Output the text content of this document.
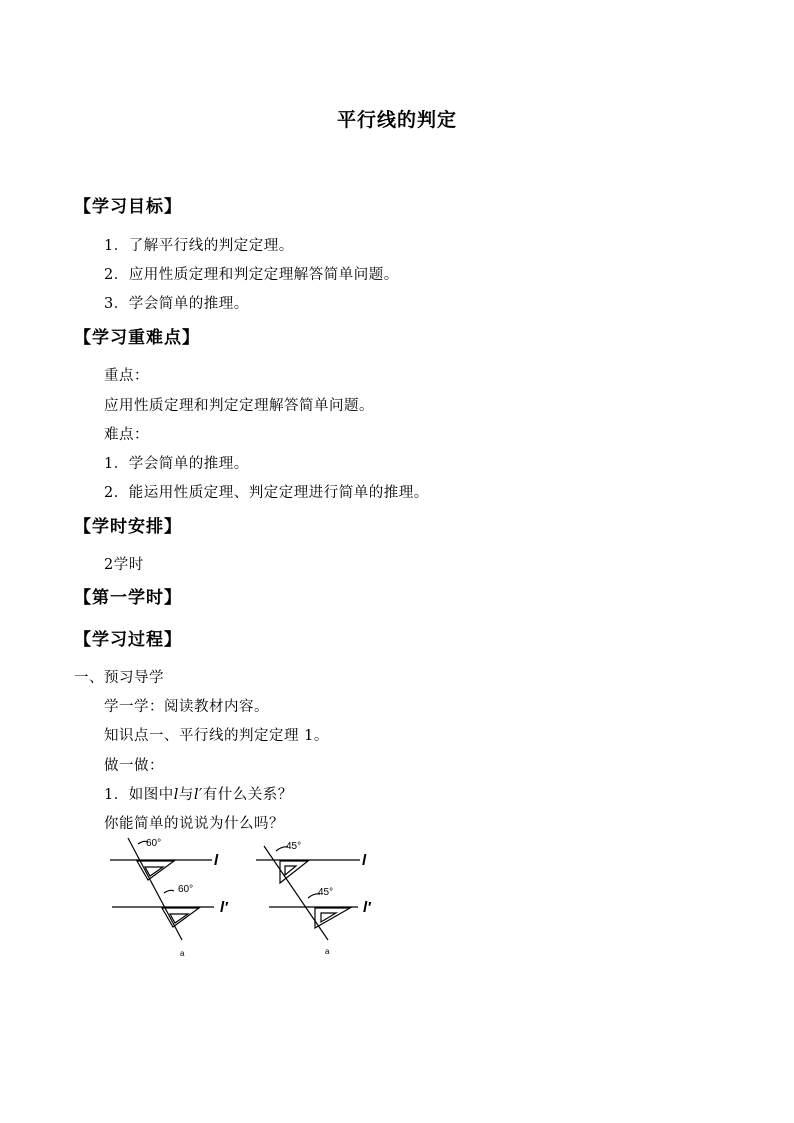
平行线的判定
【学习目标】
1．了解平行线的判定定理。
2．应用性质定理和判定定理解答简单问题。
3．学会简单的推理。
【学习重难点】
重点：
应用性质定理和判定定理解答简单问题。
难点：
1．学会简单的推理。
2．能运用性质定理、判定定理进行简单的推理。
【学时安排】
2学时
【第一学时】
【学习过程】
一、预习导学
学一学：阅读教材内容。
知识点一、平行线的判定定理 1。
做一做：
1．如图中l与l′有什么关系？
你能简单的说说为什么吗？
60°
60°
a
l
l′
45°
45°
a
l
l′
